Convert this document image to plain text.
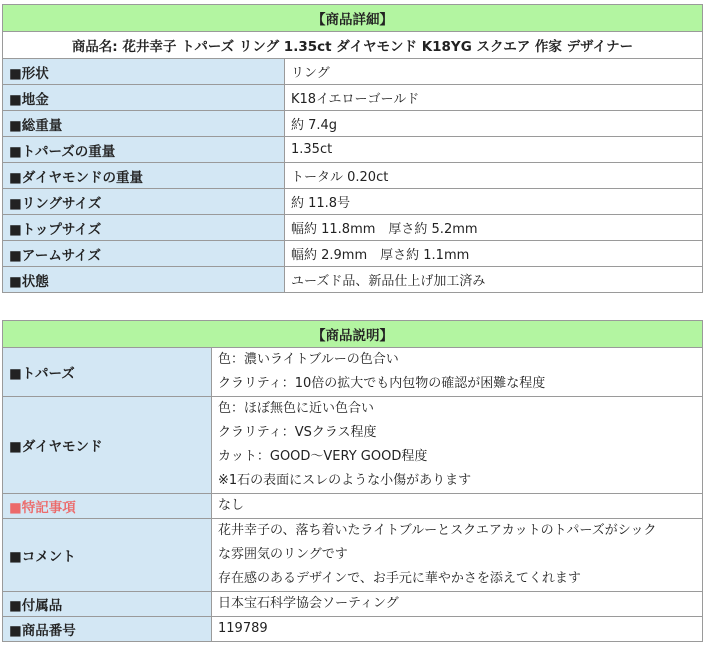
【商品詳細】	
商品名: 花井幸子 トパーズ リング 1.35ct ダイヤモンド K18YG スクエア 作家 デザイナー	
■形状	リング
■地金	K18イエローゴールド
■総重量	約 7.4g
■トパーズの重量	1.35ct
■ダイヤモンドの重量	トータル 0.20ct
■リングサイズ	約 11.8号
■トップサイズ	幅約 11.8mm　厚さ約 5.2mm
■アームサイズ	幅約 2.9mm　厚さ約 1.1mm
■状態	ユーズド品、新品仕上げ加工済み
【商品説明】	
■トパーズ	色：濃いライトブルーの色合い
クラリティ：10倍の拡大でも内包物の確認が困難な程度

■ダイヤモンド	色：ほぼ無色に近い色合い
クラリティ：VSクラス程度
カット：GOOD〜VERY GOOD程度
※1石の表面にスレのような小傷があります

■特記事項	なし

■コメント	花井幸子の、落ち着いたライトブルーとスクエアカットのトパーズがシック
な雰囲気のリングです
存在感のあるデザインで、お手元に華やかさを添えてくれます

■付属品	日本宝石科学協会ソーティング

■商品番号	119789
